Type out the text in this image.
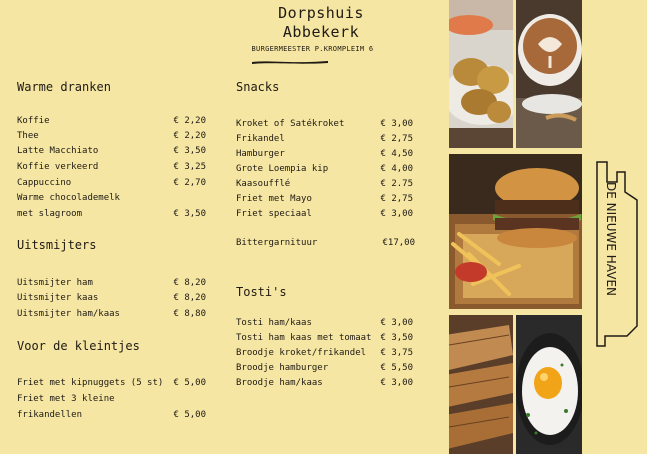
Dorpshuis
Abbekerk
BURGERMEESTER P.KROMPLEIM 6
Warme dranken
Koffie	€ 2,20
Thee	€ 2,20
Latte Macchiato	€ 3,50
Koffie verkeerd	€ 3,25
Cappuccino	€ 2,70
Warme chocolademelk
met slagroom	€ 3,50
Uitsmijters
Uitsmijter ham	€ 8,20
Uitsmijter kaas	€ 8,20
Uitsmijter ham/kaas	€ 8,80
Voor de kleintjes
Friet met kipnuggets (5 st) € 5,00
Friet met 3 kleine
frikandellen	€ 5,00
Snacks
Kroket of Satékroket	€ 3,00
Frikandel	€ 2,75
Hamburger	€ 4,50
Grote Loempia kip	€ 4,00
Kaasoufflé	€ 2.75
Friet met Mayo	€ 2,75
Friet speciaal	€ 3,00
Bittergarnituur	€17,00
Tosti's
Tosti ham/kaas	€ 3,00
Tosti ham kaas met tomaat € 3,50
Broodje kroket/frikandel € 3,75
Broodje hamburger	€ 5,50
Broodje ham/kaas	€ 3,00
DE NIEUWE HAVEN
